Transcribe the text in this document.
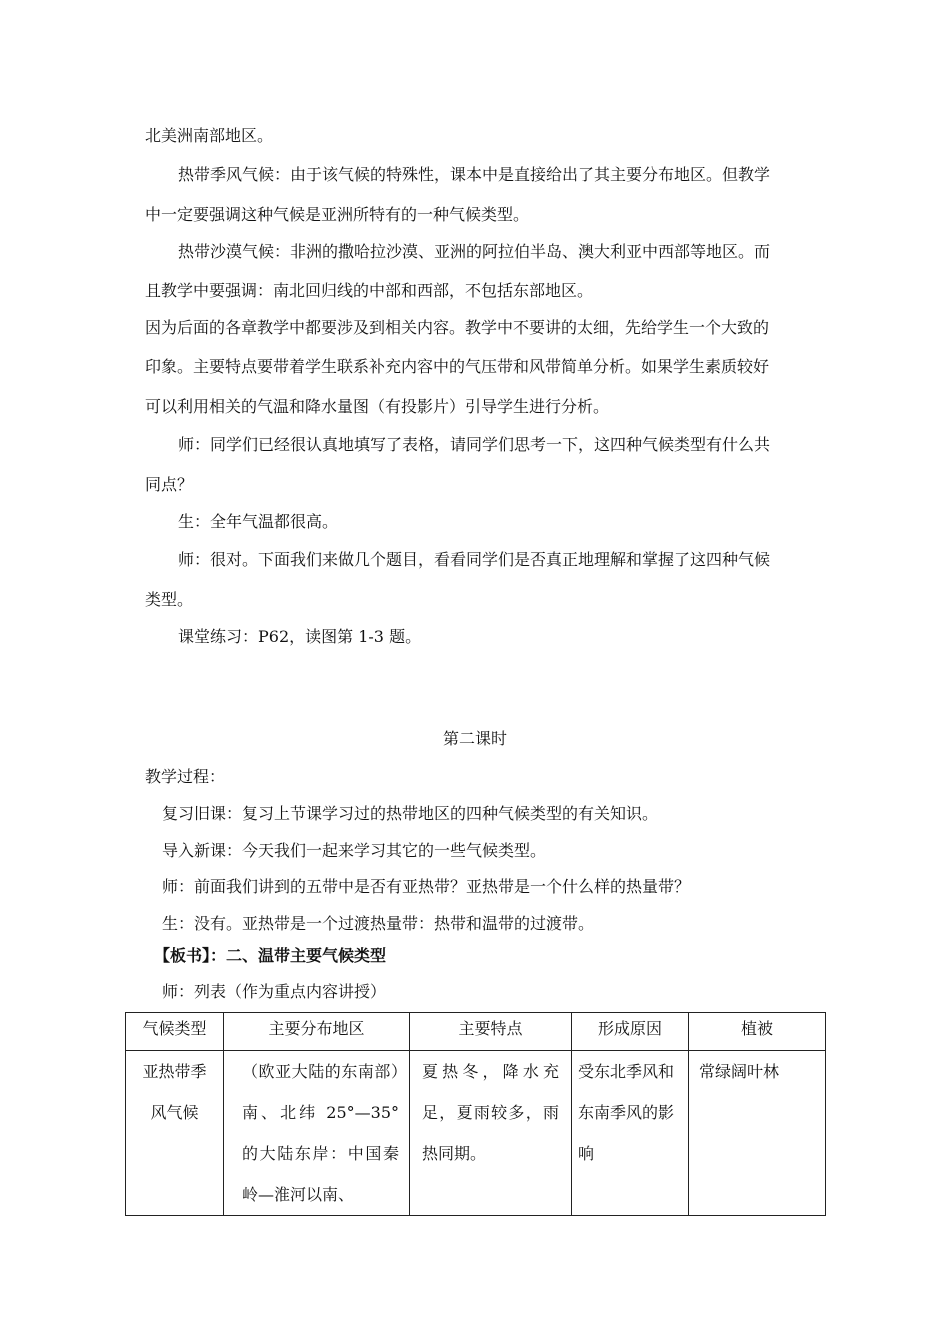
北美洲南部地区。
热带季风气候：由于该气候的特殊性，课本中是直接给出了其主要分布地区。但教学
中一定要强调这种气候是亚洲所特有的一种气候类型。
热带沙漠气候：非洲的撒哈拉沙漠、亚洲的阿拉伯半岛、澳大利亚中西部等地区。而
且教学中要强调：南北回归线的中部和西部，不包括东部地区。
因为后面的各章教学中都要涉及到相关内容。教学中不要讲的太细，先给学生一个大致的
印象。主要特点要带着学生联系补充内容中的气压带和风带简单分析。如果学生素质较好
可以利用相关的气温和降水量图（有投影片）引导学生进行分析。
师：同学们已经很认真地填写了表格，请同学们思考一下，这四种气候类型有什么共
同点？
生：全年气温都很高。
师：很对。下面我们来做几个题目，看看同学们是否真正地理解和掌握了这四种气候
类型。
课堂练习：P62，读图第 1-3 题。
第二课时
教学过程：
复习旧课：复习上节课学习过的热带地区的四种气候类型的有关知识。
导入新课：今天我们一起来学习其它的一些气候类型。
师：前面我们讲到的五带中是否有亚热带？亚热带是一个什么样的热量带？
生：没有。亚热带是一个过渡热量带：热带和温带的过渡带。
【板书】：二、温带主要气候类型
师：列表（作为重点内容讲授）
气候类型	主要分布地区	主要特点	形成原因	植被
亚热带季风气候	（欧亚大陆的东南部）南、北纬 25°—35°的大陆东岸：中国秦岭—淮河以南、	夏热冬，降水充足，夏雨较多，雨热同期。	受东北季风和东南季风的影响	常绿阔叶林
